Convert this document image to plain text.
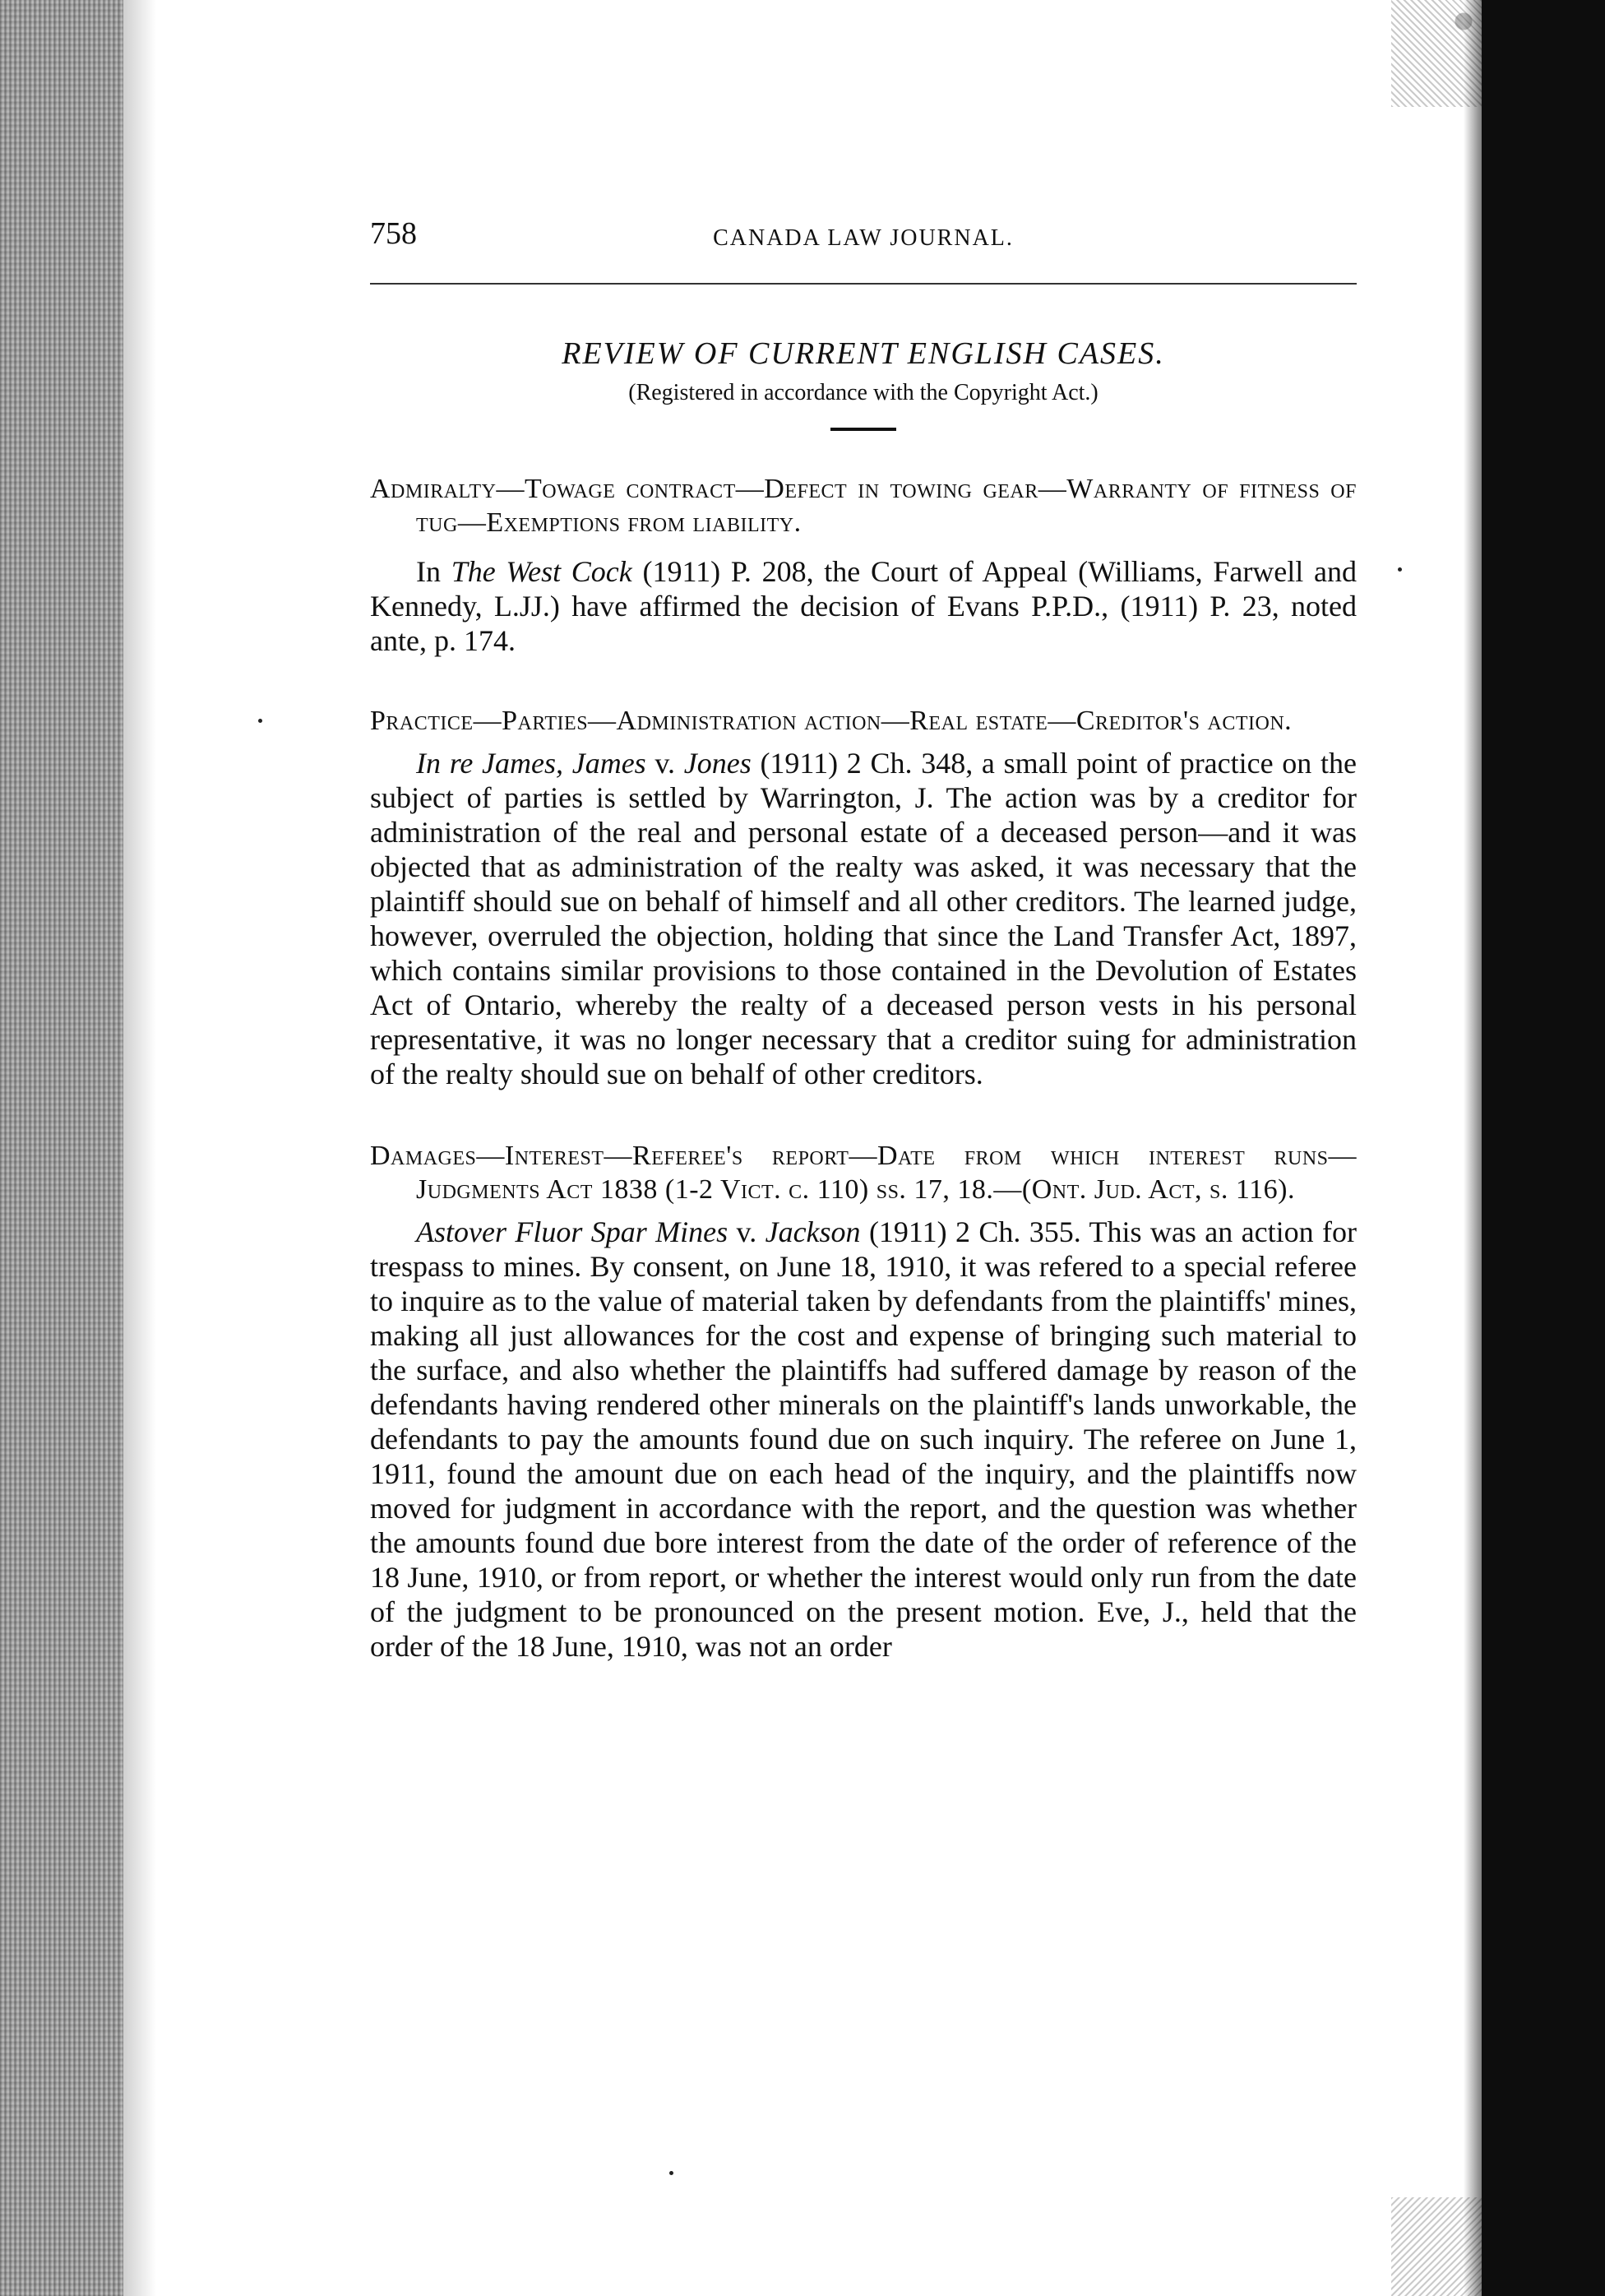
758	CANADA LAW JOURNAL.
REVIEW OF CURRENT ENGLISH CASES.
(Registered in accordance with the Copyright Act.)
Admiralty—Towage contract—Defect in towing gear—Warranty of fitness of tug—Exemptions from liability.

In The West Cock (1911) P. 208, the Court of Appeal (Williams, Farwell and Kennedy, L.JJ.) have affirmed the decision of Evans P.P.D., (1911) P. 23, noted ante, p. 174.

Practice—Parties—Administration action—Real estate—Creditor's action.

In re James, James v. Jones (1911) 2 Ch. 348, a small point of practice on the subject of parties is settled by Warrington, J. The action was by a creditor for administration of the real and personal estate of a deceased person—and it was objected that as administration of the realty was asked, it was necessary that the plaintiff should sue on behalf of himself and all other creditors. The learned judge, however, overruled the objection, holding that since the Land Transfer Act, 1897, which contains similar provisions to those contained in the Devolution of Estates Act of Ontario, whereby the realty of a deceased person vests in his personal representative, it was no longer necessary that a creditor suing for administration of the realty should sue on behalf of other creditors.

Damages—Interest—Referee's report—Date from which interest runs—Judgments Act 1838 (1-2 Vict. c. 110) ss. 17, 18.—(Ont. Jud. Act, s. 116).

Astover Fluor Spar Mines v. Jackson (1911) 2 Ch. 355. This was an action for trespass to mines. By consent, on June 18, 1910, it was refered to a special referee to inquire as to the value of material taken by defendants from the plaintiffs' mines, making all just allowances for the cost and expense of bringing such material to the surface, and also whether the plaintiffs had suffered damage by reason of the defendants having rendered other minerals on the plaintiff's lands unworkable, the defendants to pay the amounts found due on such inquiry. The referee on June 1, 1911, found the amount due on each head of the inquiry, and the plaintiffs now moved for judgment in accordance with the report, and the question was whether the amounts found due bore interest from the date of the order of reference of the 18 June, 1910, or from report, or whether the interest would only run from the date of the judgment to be pronounced on the present motion. Eve, J., held that the order of the 18 June, 1910, was not an order
